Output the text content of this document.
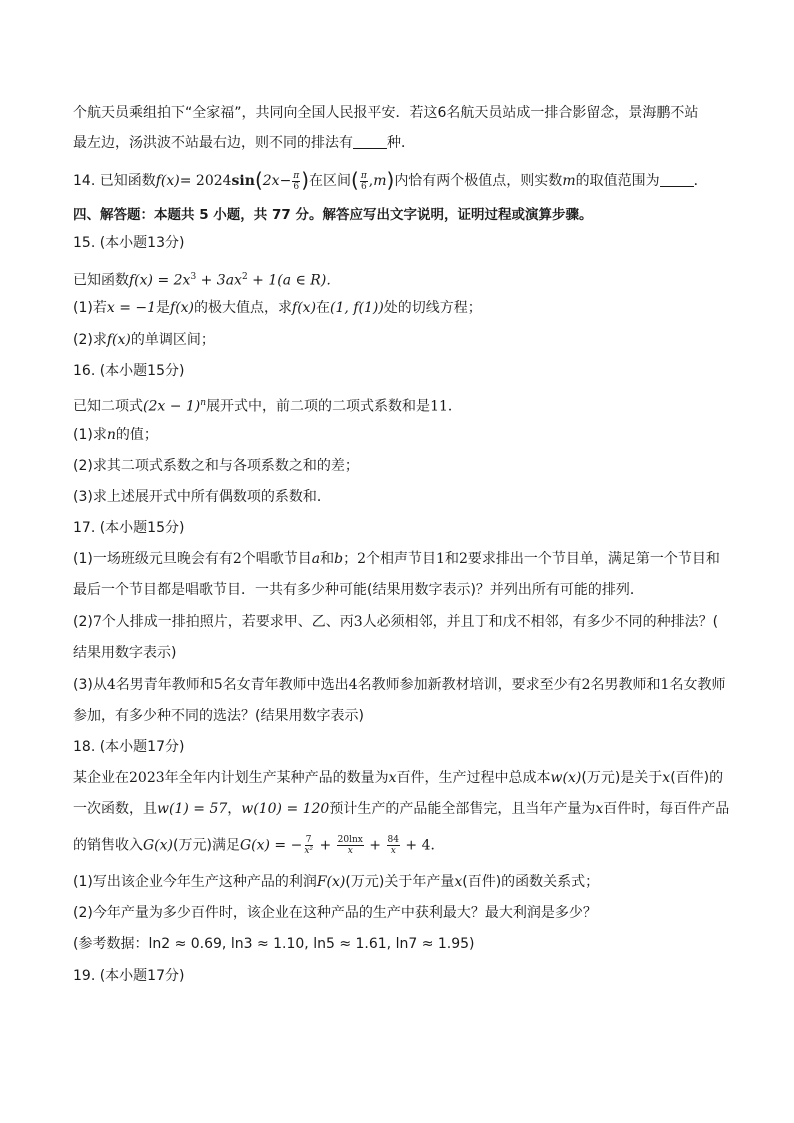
个航天员乘组拍下“全家福”，共同向全国人民报平安．若这6名航天员站成一排合影留念，景海鹏不站
最左边，汤洪波不站最右边，则不同的排法有 种．
14. 已知函数$f(x)= 2024\sin(2x- \frac{\pi}{6}$ )在区间( $\frac{\pi}{6} ,m$)内恰有两个极值点，则实数m的取值范围为 ．
四、解答题：本题共 5 小题，共 77 分。解答应写出文字说明，证明过程或演算步骤。
15. (本小题13分)
已知函数$f(x) = 2x^3 + 3ax^2 + 1(a$ ∈ R)．
(1)若x = −1是f(x)的极大值点，求f(x)在(1, f(1))处的切线方程；
(2)求f(x)的单调区间；
16. (本小题15分)
已知二项式$(2x - 1)^n$展开式中，前二项的二项式系数和是11．
(1)求n的值；
(2)求其二项式系数之和与各项系数之和的差；
(3)求上述展开式中所有偶数项的系数和．
17. (本小题15分)
(1)一场班级元旦晚会有有2个唱歌节目a和b；2个相声节目1和2要求排出一个节目单，满足第一个节目和
最后一个节目都是唱歌节目．一共有多少种可能(结果用数字表示)？并列出所有可能的排列．
(2)7个人排成一排拍照片，若要求甲、乙、丙3人必须相邻，并且丁和戊不相邻，有多少不同的种排法？(
结果用数字表示)
(3)从4名男青年教师和5名女青年教师中选出4名教师参加新教材培训，要求至少有2名男教师和1名女教师
参加，有多少种不同的选法？(结果用数字表示)
18. (本小题17分)
某企业在2023年全年内计划生产某种产品的数量为x百件，生产过程中总成本w(x)(万元)是关于x(百件)的
一次函数，且w(1) = 57，w(10) = 120预计生产的产品能全部售完，且当年产量为x百件时，每百件产品
的销售收入G(x)(万元)满足G(x) = − $\frac{7}{\text{x²}} + \frac{20\ln x}{x} + \frac{84}{x} + 4$．
(1)写出该企业今年生产这种产品的利润F(x)(万元)关于年产量x(百件)的函数关系式；
(2)今年产量为多少百件时，该企业在这种产品的生产中获利最大？最大利润是多少？
(参考数据：ln2 ≈ 0.69, ln3 ≈ 1.10, ln5 ≈ 1.61, ln7 ≈ 1.95)
19. (本小题17分)
